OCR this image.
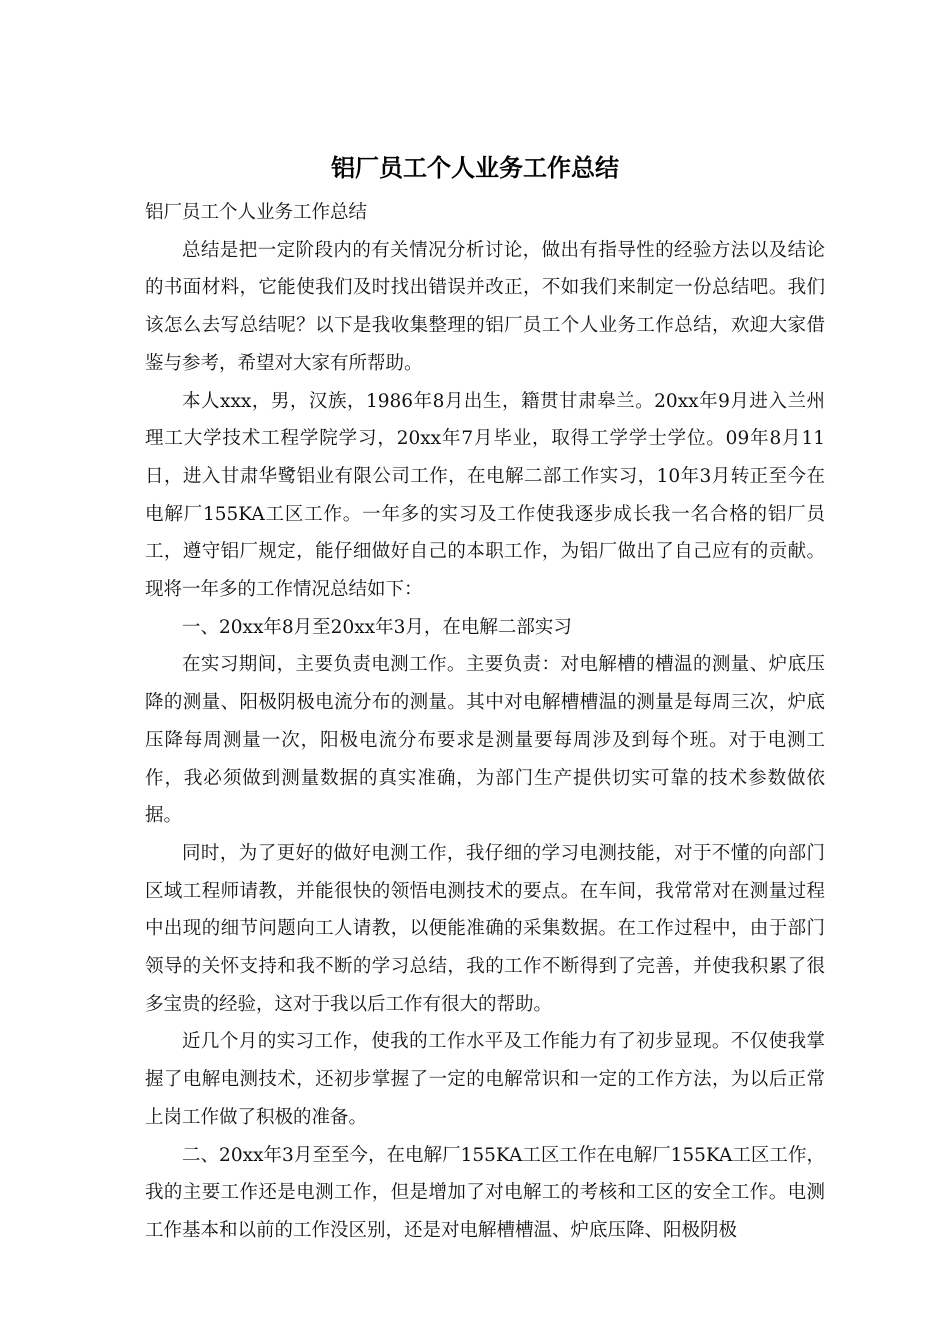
铝厂员工个人业务工作总结

铝厂员工个人业务工作总结

总结是把一定阶段内的有关情况分析讨论，做出有指导性的经验方法以及结论的书面材料，它能使我们及时找出错误并改正，不如我们来制定一份总结吧。我们该怎么去写总结呢？以下是我收集整理的铝厂员工个人业务工作总结，欢迎大家借鉴与参考，希望对大家有所帮助。

本人xxx，男，汉族，1986年8月出生，籍贯甘肃皋兰。20xx年9月进入兰州理工大学技术工程学院学习，20xx年7月毕业，取得工学学士学位。09年8月11日，进入甘肃华鹭铝业有限公司工作，在电解二部工作实习，10年3月转正至今在电解厂155KA工区工作。一年多的实习及工作使我逐步成长我一名合格的铝厂员工，遵守铝厂规定，能仔细做好自己的本职工作，为铝厂做出了自己应有的贡献。现将一年多的工作情况总结如下：

一、20xx年8月至20xx年3月，在电解二部实习

在实习期间，主要负责电测工作。主要负责：对电解槽的槽温的测量、炉底压降的测量、阳极阴极电流分布的测量。其中对电解槽槽温的测量是每周三次，炉底压降每周测量一次，阳极电流分布要求是测量要每周涉及到每个班。对于电测工作，我必须做到测量数据的真实准确，为部门生产提供切实可靠的技术参数做依据。

同时，为了更好的做好电测工作，我仔细的学习电测技能，对于不懂的向部门区域工程师请教，并能很快的领悟电测技术的要点。在车间，我常常对在测量过程中出现的细节问题向工人请教，以便能准确的采集数据。在工作过程中，由于部门领导的关怀支持和我不断的学习总结，我的工作不断得到了完善，并使我积累了很多宝贵的经验，这对于我以后工作有很大的帮助。

近几个月的实习工作，使我的工作水平及工作能力有了初步显现。不仅使我掌握了电解电测技术，还初步掌握了一定的电解常识和一定的工作方法，为以后正常上岗工作做了积极的准备。

二、20xx年3月至至今，在电解厂155KA工区工作在电解厂155KA工区工作，我的主要工作还是电测工作，但是增加了对电解工的考核和工区的安全工作。电测工作基本和以前的工作没区别，还是对电解槽槽温、炉底压降、阳极阴极
